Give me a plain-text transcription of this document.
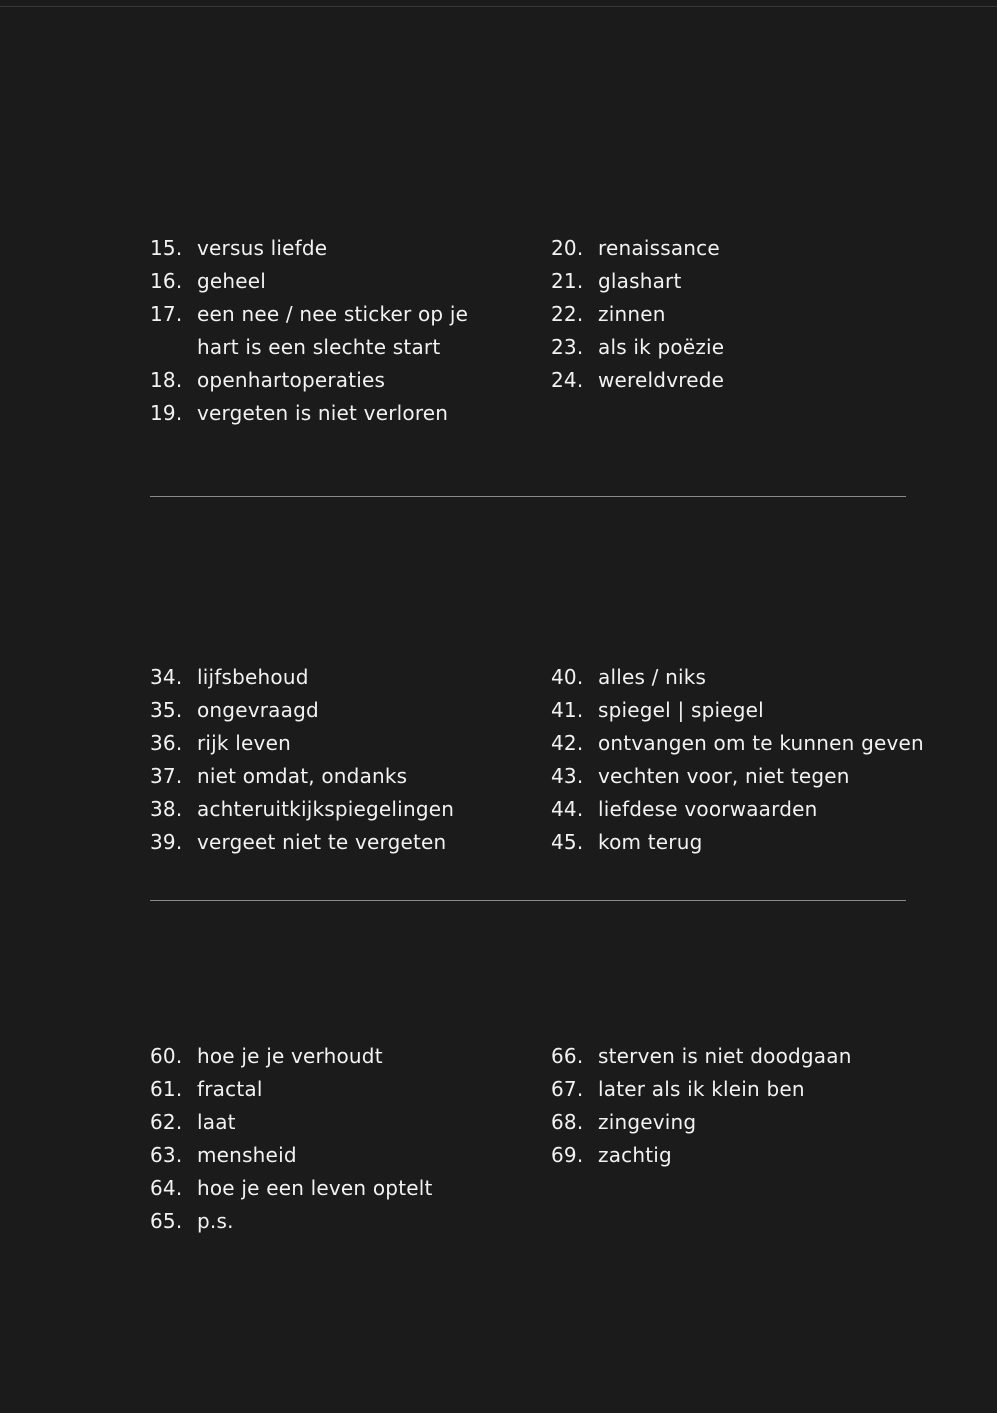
15. versus liefde
16. geheel
17. een nee / nee sticker op je
hart is een slechte start
18. openhartoperaties
19. vergeten is niet verloren
20. renaissance
21. glashart
22. zinnen
23. als ik poëzie
24. wereldvrede
34. lijfsbehoud
35. ongevraagd
36. rijk leven
37. niet omdat, ondanks
38. achteruitkijkspiegelingen
39. vergeet niet te vergeten
40. alles / niks
41. spiegel | spiegel
42. ontvangen om te kunnen geven
43. vechten voor, niet tegen
44. liefdese voorwaarden
45. kom terug
60. hoe je je verhoudt
61. fractal
62. laat
63. mensheid
64. hoe je een leven optelt
65. p.s.
66. sterven is niet doodgaan
67. later als ik klein ben
68. zingeving
69. zachtig
